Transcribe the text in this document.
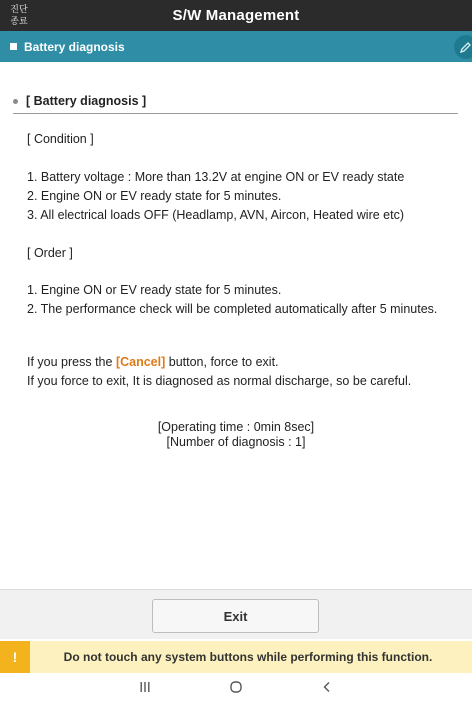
진단
종료	S/W Management
Battery diagnosis
[ Battery diagnosis ]
[ Condition ]
1. Battery voltage : More than 13.2V at engine ON or EV ready state
2. Engine ON or EV ready state for 5 minutes.
3. All electrical loads OFF (Headlamp, AVN, Aircon, Heated wire etc)
[ Order ]
1. Engine ON or EV ready state for 5 minutes.
2. The performance check will be completed automatically after 5 minutes.
If you press the [Cancel] button, force to exit.
If you force to exit, It is diagnosed as normal discharge, so be careful.
[Operating time : 0min 8sec]
[Number of diagnosis : 1]
Exit
!	Do not touch any system buttons while performing this function.
